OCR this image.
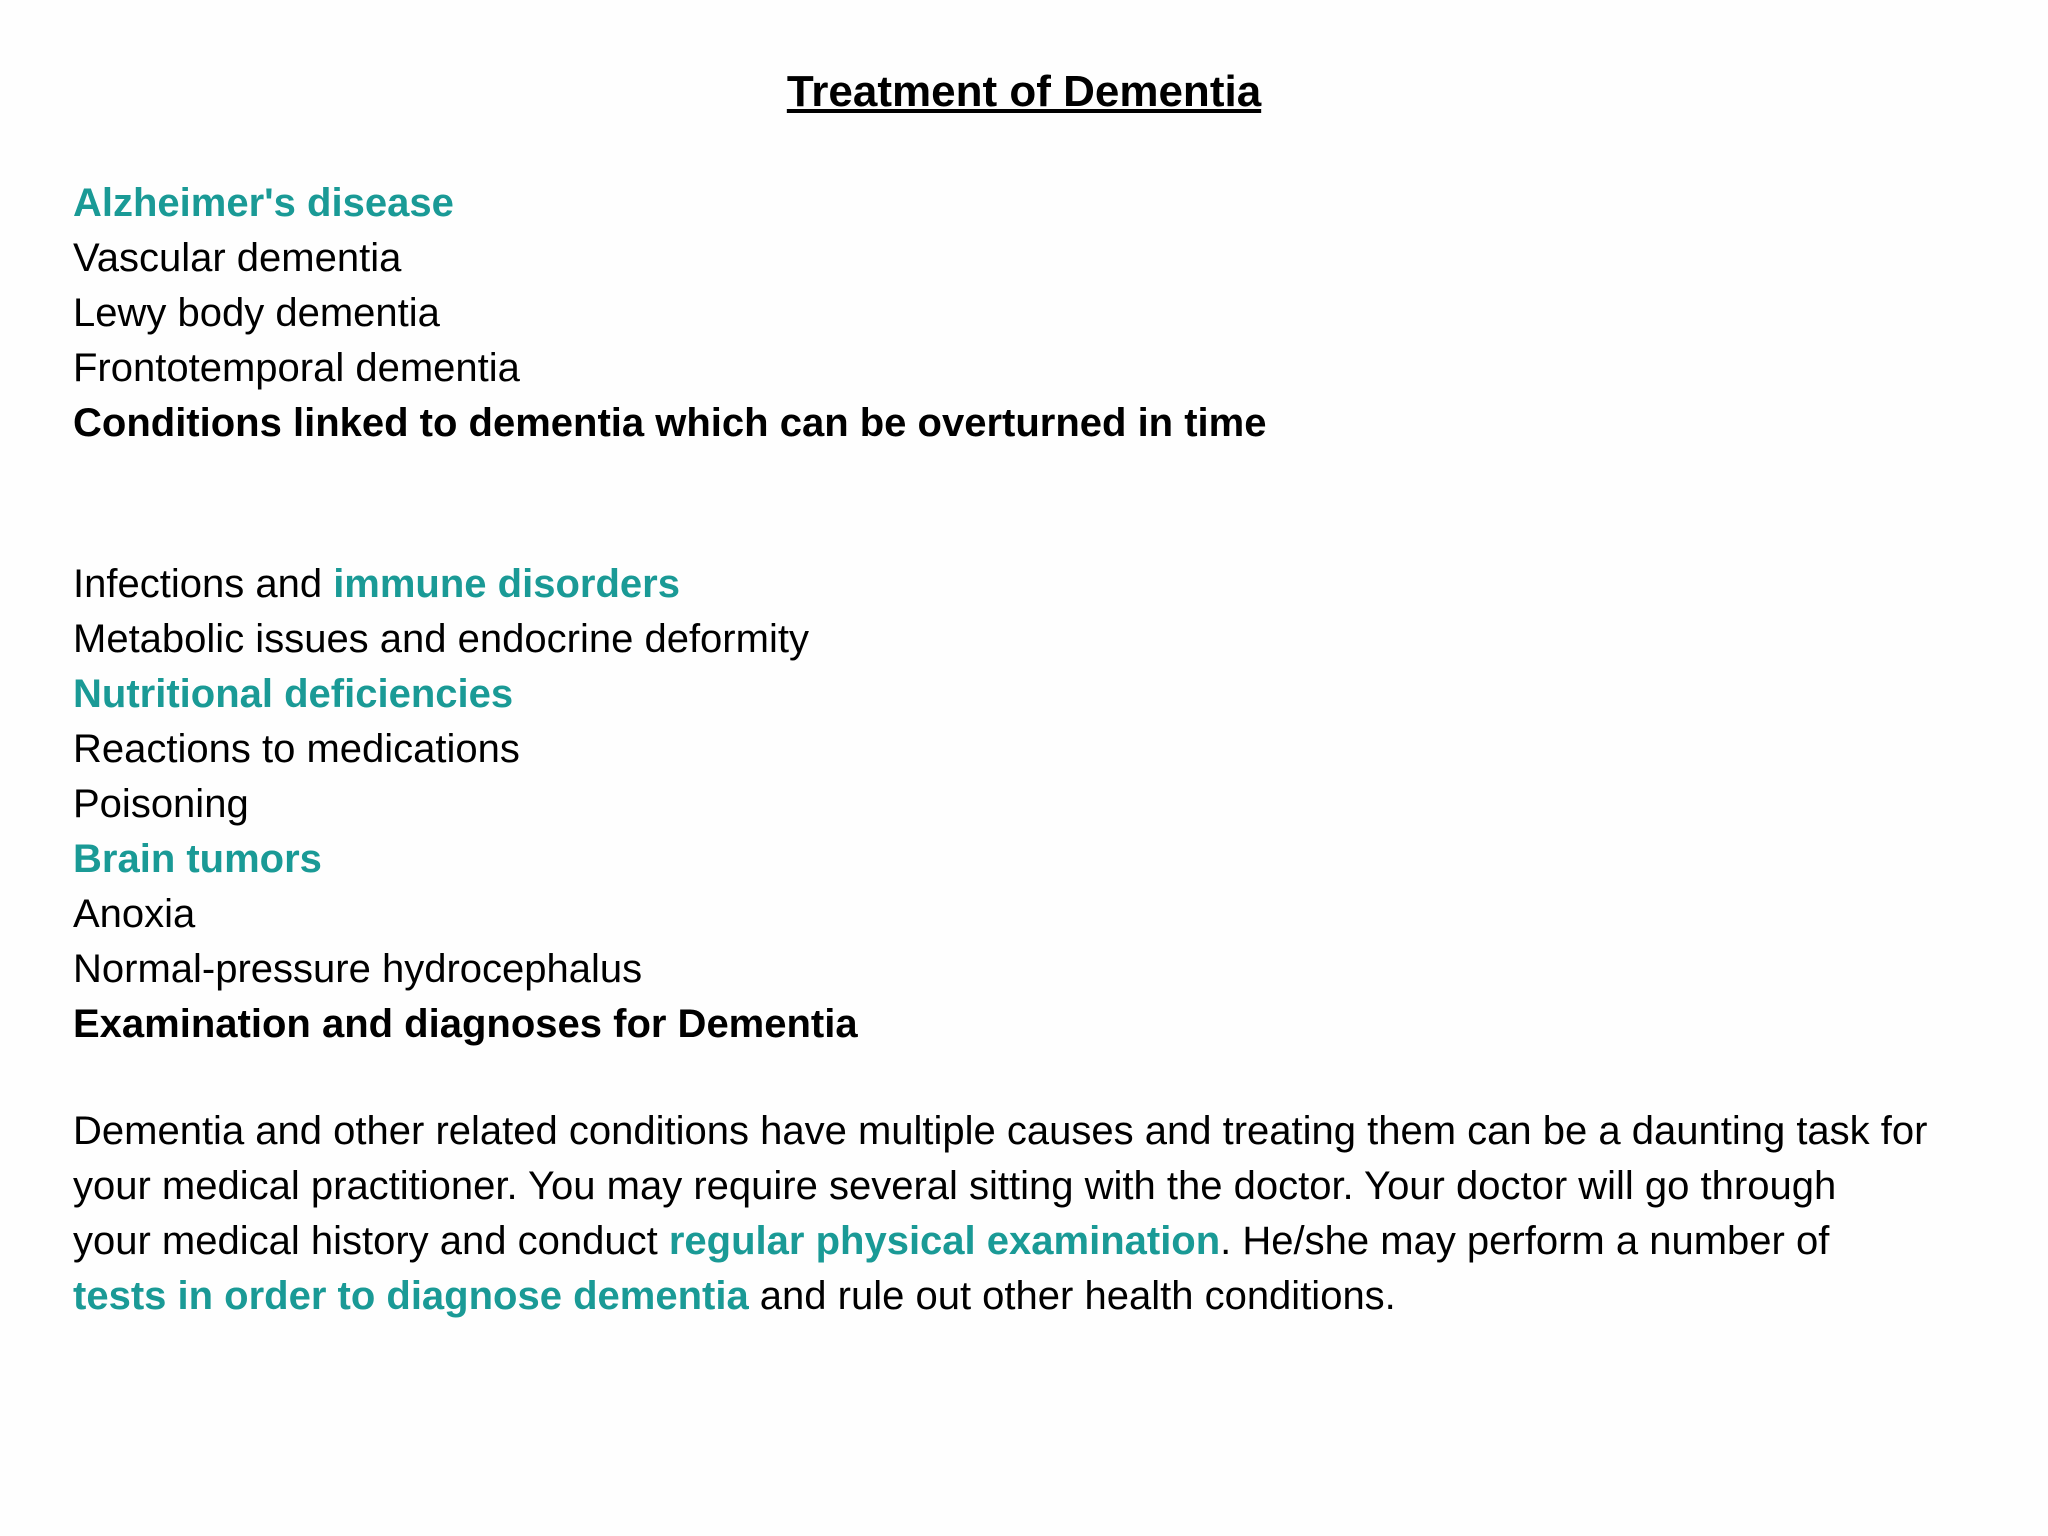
Treatment of Dementia
Alzheimer's disease
Vascular dementia
Lewy body dementia
Frontotemporal dementia
Conditions linked to dementia which can be overturned in time
Infections and immune disorders
Metabolic issues and endocrine deformity
Nutritional deficiencies
Reactions to medications
Poisoning
Brain tumors
Anoxia
Normal-pressure hydrocephalus
Examination and diagnoses for Dementia
Dementia and other related conditions have multiple causes and treating them can be a daunting task for
your medical practitioner. You may require several sitting with the doctor. Your doctor will go through
your medical history and conduct regular physical examination. He/she may perform a number of
tests in order to diagnose dementia and rule out other health conditions.
